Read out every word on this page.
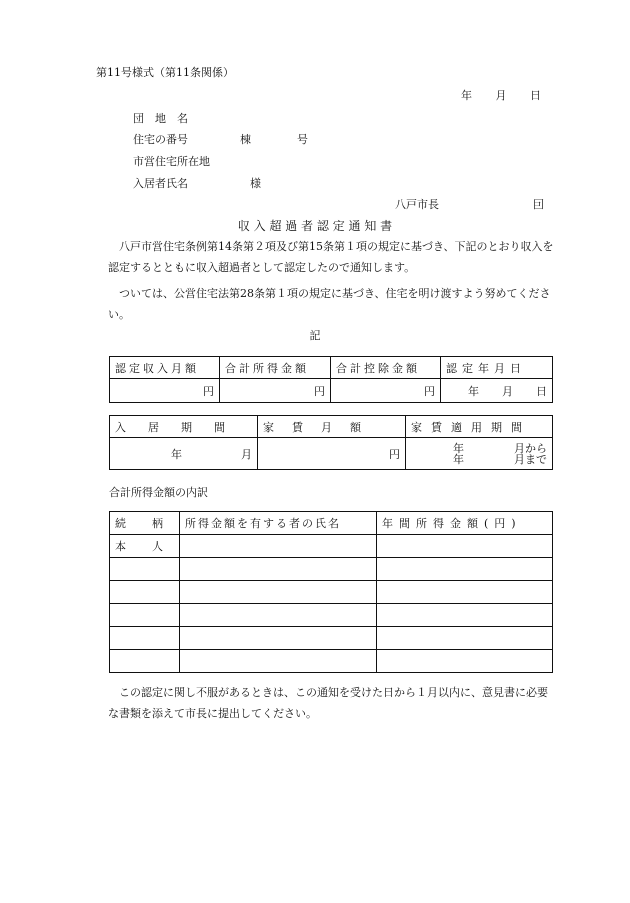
第11号様式（第11条関係）
年 月 日
団　地　名
住宅の番号	棟	号
市営住宅所在地
入居者氏名	様
八戸市長	囙
収 入 超 過 者 認 定 通 知 書
　八戸市営住宅条例第14条第２項及び第15条第１項の規定に基づき、下記のとおり収入を認定するとともに収入超過者として認定したので通知します。
　ついては、公営住宅法第28条第１項の規定に基づき、住宅を明け渡すよう努めてください。
記
認定収入月額	合計所得金額	合計控除金額	認定年月日
円	円	円	年 月 日
入居期間	家賃月額	家賃適用期間

年 月	円	年 月から
年 月まで
合計所得金額の内訳
続柄	所得金額を有する者の氏名	年間所得金額(円)
本人		

　この認定に関し不服があるときは、この通知を受けた日から１月以内に、意見書に必要な書類を添えて市長に提出してください。
